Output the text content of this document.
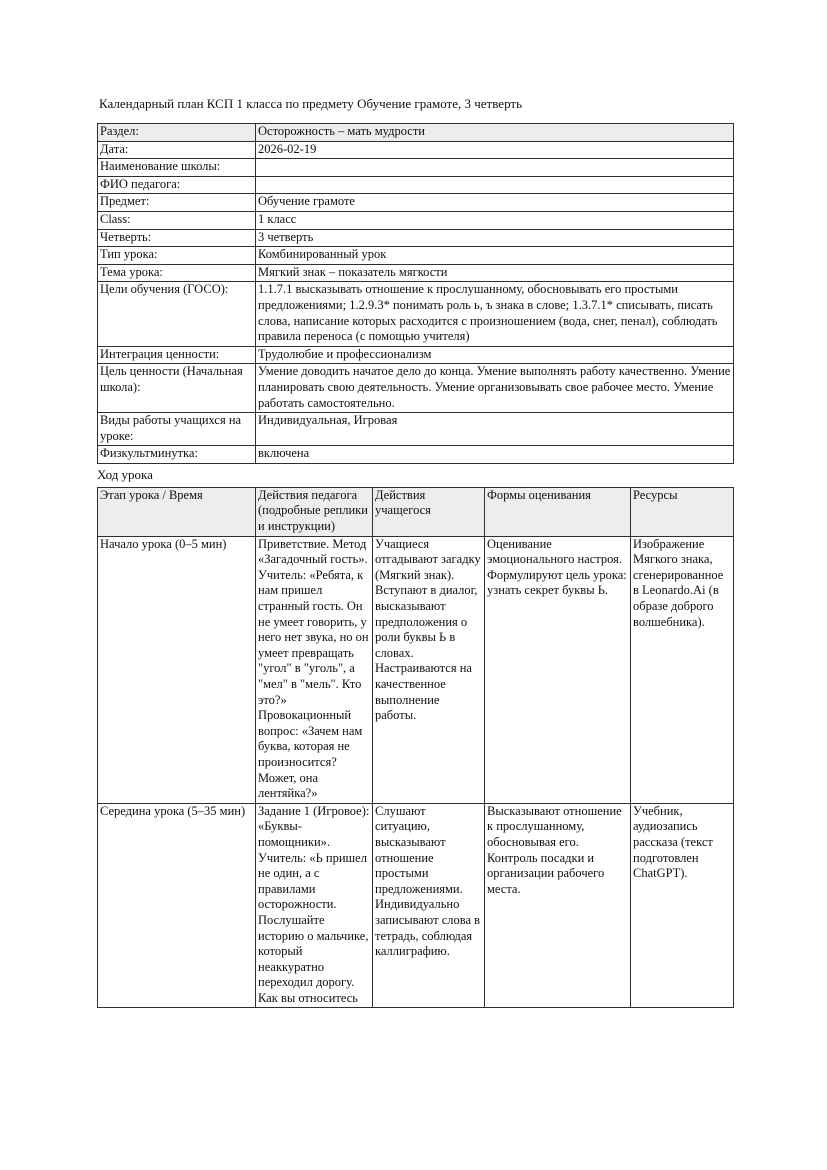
Календарный план КСП 1 класса по предмету Обучение грамоте, 3 четверть
Раздел:	Осторожность – мать мудрости
Дата:	2026-02-19
Наименование школы:	
ФИО педагога:	
Предмет:	Обучение грамоте
Class:	1 класс
Четверть:	3 четверть
Тип урока:	Комбинированный урок
Тема урока:	Мягкий знак – показатель мягкости
Цели обучения (ГОСО):	1.1.7.1 высказывать отношение к прослушанному, обосновывать его простыми предложениями; 1.2.9.3* понимать роль ь, ъ знака в слове; 1.3.7.1* списывать, писать слова, написание которых расходится с произношением (вода, снег, пенал), соблюдать правила переноса (с помощью учителя)
Интеграция ценности:	Трудолюбие и профессионализм
Цель ценности (Начальная школа):	Умение доводить начатое дело до конца. Умение выполнять работу качественно. Умение планировать свою деятельность. Умение организовывать свое рабочее место. Умение работать самостоятельно.
Виды работы учащихся на уроке:	Индивидуальная, Игровая
Физкультминутка:	включена
Ход урока
Этап урока / Время	Действия педагога (подробные реплики и инструкции)	Действия учащегося	Формы оценивания	Ресурсы
Начало урока (0–5 мин)	Приветствие. Метод «Загадочный гость». Учитель: «Ребята, к нам пришел странный гость. Он не умеет говорить, у него нет звука, но он умеет превращать "угол" в "уголь", а "мел" в "мель". Кто это?» Провокационный вопрос: «Зачем нам буква, которая не произносится? Может, она лентяйка?»	Учащиеся отгадывают загадку (Мягкий знак). Вступают в диалог, высказывают предположения о роли буквы Ь в словах. Настраиваются на качественное выполнение работы.	Оценивание эмоционального настроя. Формулируют цель урока: узнать секрет буквы Ь.	Изображение Мягкого знака, сгенерированное в Leonardo.Ai (в образе доброго волшебника).
Середина урока (5–35 мин)	Задание 1 (Игровое): «Буквы-помощники». Учитель: «Ь пришел не один, а с правилами осторожности. Послушайте историю о мальчике, который неаккуратно переходил дорогу. Как вы относитесь	Слушают ситуацию, высказывают отношение простыми предложениями. Индивидуально записывают слова в тетрадь, соблюдая каллиграфию.	Высказывают отношение к прослушанному, обосновывая его. Контроль посадки и организации рабочего места.	Учебник, аудиозапись рассказа (текст подготовлен ChatGPT).
